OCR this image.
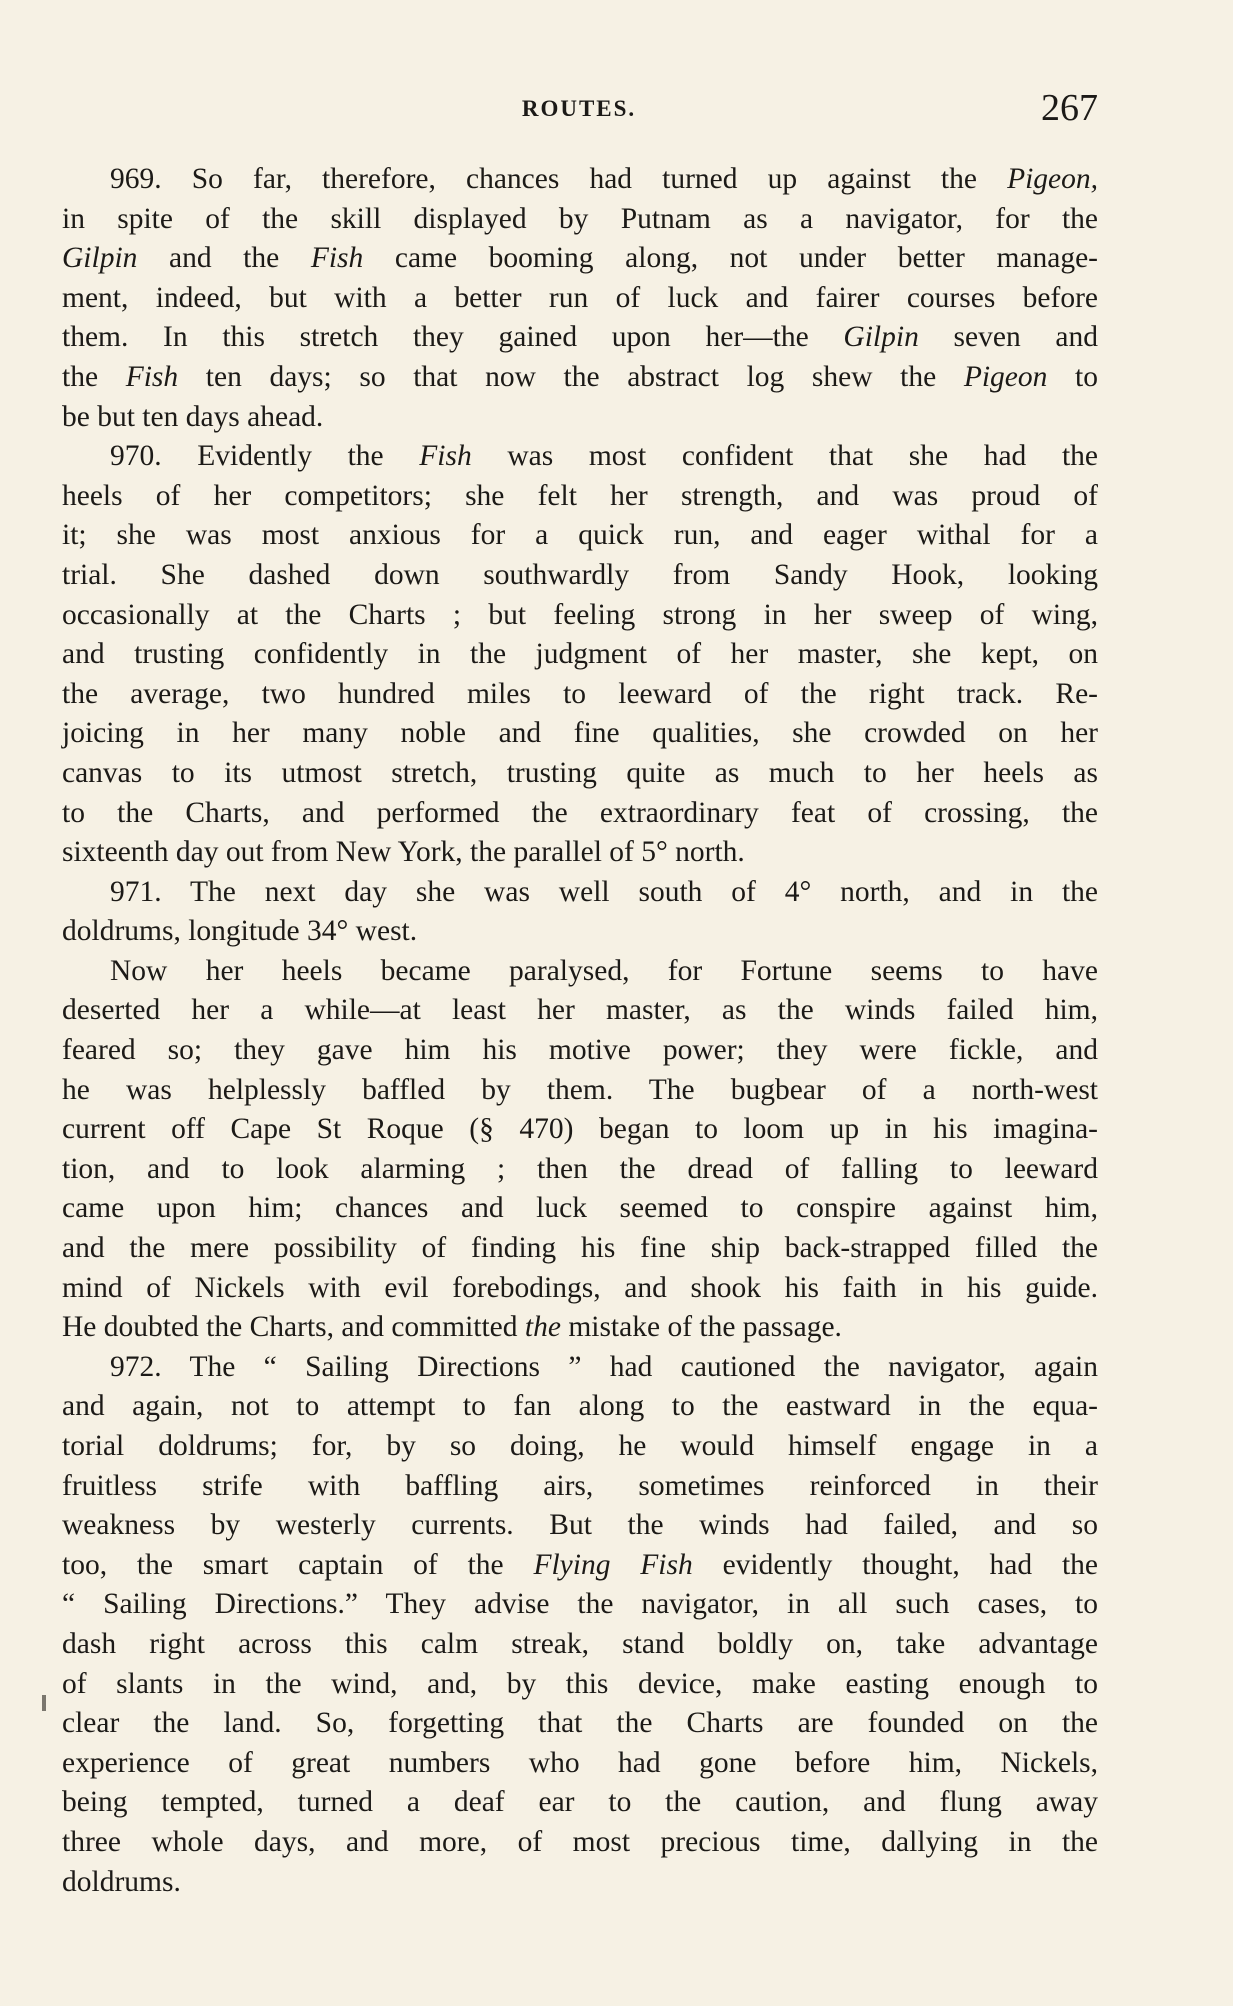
ROUTES.	267
969. So far, therefore, chances had turned up against the Pigeon,
in spite of the skill displayed by Putnam as a navigator, for the
Gilpin and the Fish came booming along, not under better manage-
ment, indeed, but with a better run of luck and fairer courses before
them. In this stretch they gained upon her—the Gilpin seven and
the Fish ten days; so that now the abstract log shew the Pigeon to
be but ten days ahead.
970. Evidently the Fish was most confident that she had the
heels of her competitors; she felt her strength, and was proud of
it; she was most anxious for a quick run, and eager withal for a
trial. She dashed down southwardly from Sandy Hook, looking
occasionally at the Charts ; but feeling strong in her sweep of wing,
and trusting confidently in the judgment of her master, she kept, on
the average, two hundred miles to leeward of the right track. Re-
joicing in her many noble and fine qualities, she crowded on her
canvas to its utmost stretch, trusting quite as much to her heels as
to the Charts, and performed the extraordinary feat of crossing, the
sixteenth day out from New York, the parallel of 5° north.
971. The next day she was well south of 4° north, and in the
doldrums, longitude 34° west.
Now her heels became paralysed, for Fortune seems to have
deserted her a while—at least her master, as the winds failed him,
feared so; they gave him his motive power; they were fickle, and
he was helplessly baffled by them. The bugbear of a north-west
current off Cape St Roque (§ 470) began to loom up in his imagina-
tion, and to look alarming ; then the dread of falling to leeward
came upon him; chances and luck seemed to conspire against him,
and the mere possibility of finding his fine ship back-strapped filled the
mind of Nickels with evil forebodings, and shook his faith in his guide.
He doubted the Charts, and committed the mistake of the passage.
972. The “ Sailing Directions ” had cautioned the navigator, again
and again, not to attempt to fan along to the eastward in the equa-
torial doldrums; for, by so doing, he would himself engage in a
fruitless strife with baffling airs, sometimes reinforced in their
weakness by westerly currents. But the winds had failed, and so
too, the smart captain of the Flying Fish evidently thought, had the
“ Sailing Directions.” They advise the navigator, in all such cases, to
dash right across this calm streak, stand boldly on, take advantage
of slants in the wind, and, by this device, make easting enough to
clear the land. So, forgetting that the Charts are founded on the
experience of great numbers who had gone before him, Nickels,
being tempted, turned a deaf ear to the caution, and flung away
three whole days, and more, of most precious time, dallying in the
doldrums.
